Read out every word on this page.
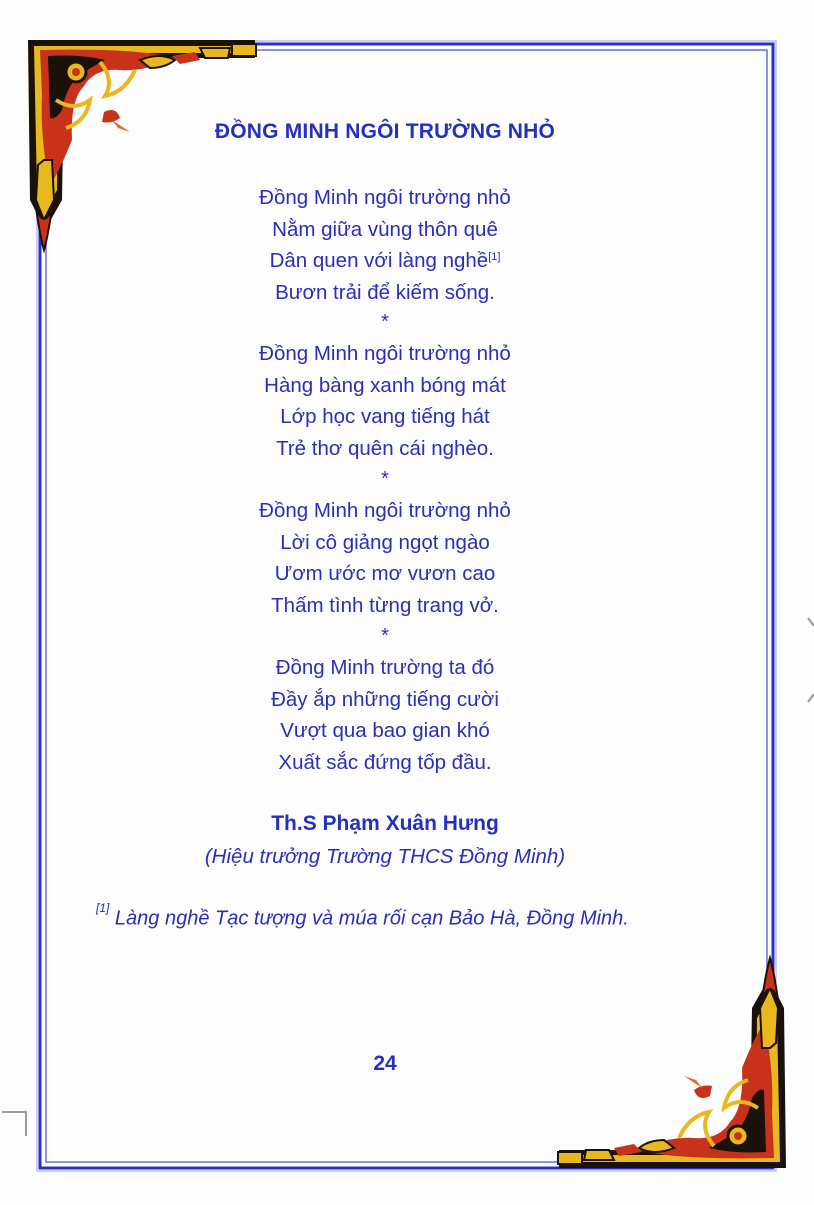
ĐỒNG MINH NGÔI TRƯỜNG NHỎ
Đồng Minh ngôi trường nhỏ
Nằm giữa vùng thôn quê
Dân quen với làng nghề[1]
Bươn trải để kiếm sống.
*
Đồng Minh ngôi trường nhỏ
Hàng bàng xanh bóng mát
Lớp học vang tiếng hát
Trẻ thơ quên cái nghèo.
*
Đồng Minh ngôi trường nhỏ
Lời cô giảng ngọt ngào
Ươm ước mơ vươn cao
Thấm tình từng trang vở.
*
Đồng Minh trường ta đó
Đầy ắp những tiếng cười
Vượt qua bao gian khó
Xuất sắc đứng tốp đầu.
Th.S Phạm Xuân Hưng
(Hiệu trưởng Trường THCS Đồng Minh)
[1] Làng nghề Tạc tượng và múa rối cạn Bảo Hà, Đồng Minh.
24
